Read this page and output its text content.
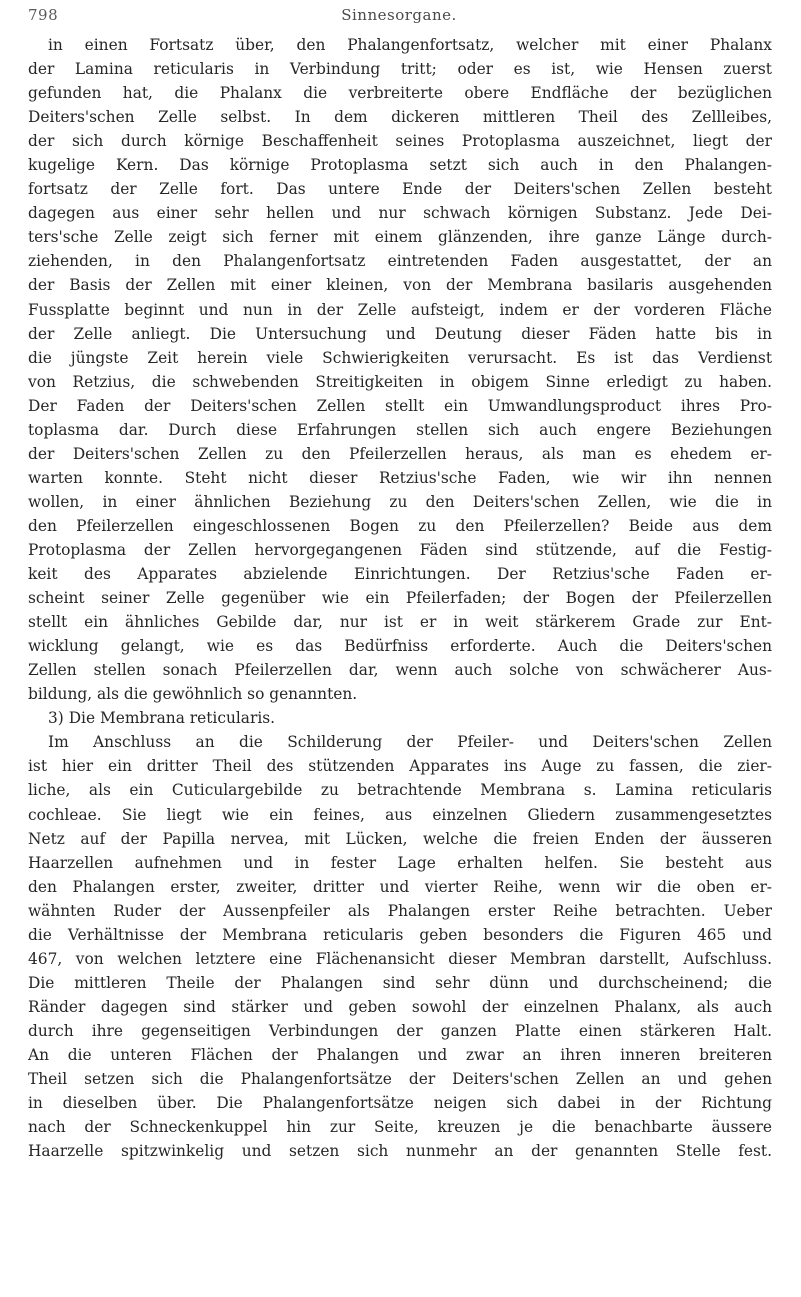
798	Sinnesorgane.
in einen Fortsatz über, den Phalangenfortsatz, welcher mit einer Phalanx
der Lamina reticularis in Verbindung tritt; oder es ist, wie Hensen zuerst
gefunden hat, die Phalanx die verbreiterte obere Endfläche der bezüglichen
Deiters'schen Zelle selbst. In dem dickeren mittleren Theil des Zellleibes,
der sich durch körnige Beschaffenheit seines Protoplasma auszeichnet, liegt der
kugelige Kern. Das körnige Protoplasma setzt sich auch in den Phalangen-
fortsatz der Zelle fort. Das untere Ende der Deiters'schen Zellen besteht
dagegen aus einer sehr hellen und nur schwach körnigen Substanz. Jede Dei-
ters'sche Zelle zeigt sich ferner mit einem glänzenden, ihre ganze Länge durch-
ziehenden, in den Phalangenfortsatz eintretenden Faden ausgestattet, der an
der Basis der Zellen mit einer kleinen, von der Membrana basilaris ausgehenden
Fussplatte beginnt und nun in der Zelle aufsteigt, indem er der vorderen Fläche
der Zelle anliegt. Die Untersuchung und Deutung dieser Fäden hatte bis in
die jüngste Zeit herein viele Schwierigkeiten verursacht. Es ist das Verdienst
von Retzius, die schwebenden Streitigkeiten in obigem Sinne erledigt zu haben.
Der Faden der Deiters'schen Zellen stellt ein Umwandlungsproduct ihres Pro-
toplasma dar. Durch diese Erfahrungen stellen sich auch engere Beziehungen
der Deiters'schen Zellen zu den Pfeilerzellen heraus, als man es ehedem er-
warten konnte. Steht nicht dieser Retzius'sche Faden, wie wir ihn nennen
wollen, in einer ähnlichen Beziehung zu den Deiters'schen Zellen, wie die in
den Pfeilerzellen eingeschlossenen Bogen zu den Pfeilerzellen? Beide aus dem
Protoplasma der Zellen hervorgegangenen Fäden sind stützende, auf die Festig-
keit des Apparates abzielende Einrichtungen. Der Retzius'sche Faden er-
scheint seiner Zelle gegenüber wie ein Pfeilerfaden; der Bogen der Pfeilerzellen
stellt ein ähnliches Gebilde dar, nur ist er in weit stärkerem Grade zur Ent-
wicklung gelangt, wie es das Bedürfniss erforderte. Auch die Deiters'schen
Zellen stellen sonach Pfeilerzellen dar, wenn auch solche von schwächerer Aus-
bildung, als die gewöhnlich so genannten.
3) Die Membrana reticularis.
Im Anschluss an die Schilderung der Pfeiler- und Deiters'schen Zellen
ist hier ein dritter Theil des stützenden Apparates ins Auge zu fassen, die zier-
liche, als ein Cuticulargebilde zu betrachtende Membrana s. Lamina reticularis
cochleae. Sie liegt wie ein feines, aus einzelnen Gliedern zusammengesetztes
Netz auf der Papilla nervea, mit Lücken, welche die freien Enden der äusseren
Haarzellen aufnehmen und in fester Lage erhalten helfen. Sie besteht aus
den Phalangen erster, zweiter, dritter und vierter Reihe, wenn wir die oben er-
wähnten Ruder der Aussenpfeiler als Phalangen erster Reihe betrachten. Ueber
die Verhältnisse der Membrana reticularis geben besonders die Figuren 465 und
467, von welchen letztere eine Flächenansicht dieser Membran darstellt, Aufschluss.
Die mittleren Theile der Phalangen sind sehr dünn und durchscheinend; die
Ränder dagegen sind stärker und geben sowohl der einzelnen Phalanx, als auch
durch ihre gegenseitigen Verbindungen der ganzen Platte einen stärkeren Halt.
An die unteren Flächen der Phalangen und zwar an ihren inneren breiteren
Theil setzen sich die Phalangenfortsätze der Deiters'schen Zellen an und gehen
in dieselben über. Die Phalangenfortsätze neigen sich dabei in der Richtung
nach der Schneckenkuppel hin zur Seite, kreuzen je die benachbarte äussere
Haarzelle spitzwinkelig und setzen sich nunmehr an der genannten Stelle fest.
